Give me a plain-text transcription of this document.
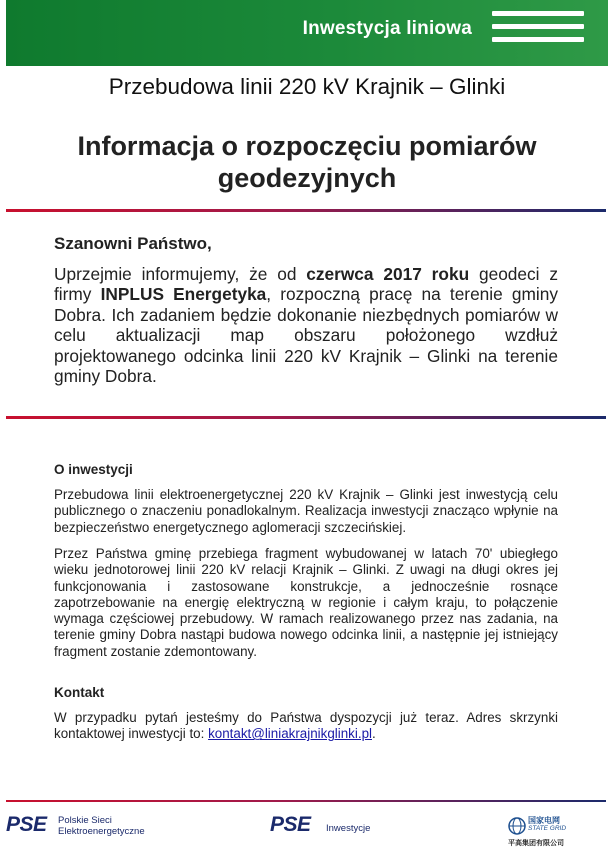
Inwestycja liniowa
Przebudowa linii 220 kV Krajnik – Glinki
Informacja o rozpoczęciu pomiarów
geodezyjnych
Szanowni Państwo,
Uprzejmie informujemy, że od czerwca 2017 roku geodeci z firmy INPLUS Energetyka, rozpoczną pracę na terenie gminy Dobra. Ich zadaniem będzie dokonanie niezbędnych pomiarów w celu aktualizacji map obszaru położonego wzdłuż projektowanego odcinka linii 220 kV Krajnik – Glinki na terenie gminy Dobra.
O inwestycji
Przebudowa linii elektroenergetycznej 220 kV Krajnik – Glinki jest inwestycją celu publicznego o znaczeniu ponadlokalnym. Realizacja inwestycji znacząco wpłynie na bezpieczeństwo energetycznego aglomeracji szczecińskiej.
Przez Państwa gminę przebiega fragment wybudowanej w latach 70' ubiegłego wieku jednotorowej linii 220 kV relacji Krajnik – Glinki. Z uwagi na długi okres jej funkcjonowania i zastosowane konstrukcje, a jednocześnie rosnące zapotrzebowanie na energię elektryczną w regionie i całym kraju, to połączenie wymaga częściowej przebudowy. W ramach realizowanego przez nas zadania, na terenie gminy Dobra nastąpi budowa nowego odcinka linii, a następnie jej istniejący fragment zostanie zdemontowany.
Kontakt
W przypadku pytań jesteśmy do Państwa dyspozycji już teraz. Adres skrzynki kontaktowej inwestycji to: kontakt@liniakrajnikglinki.pl.
PSE Polskie Sieci
Elektroenergetyczne	PSE Inwestycje
国家电网
STATE GRID
平高集团有限公司
